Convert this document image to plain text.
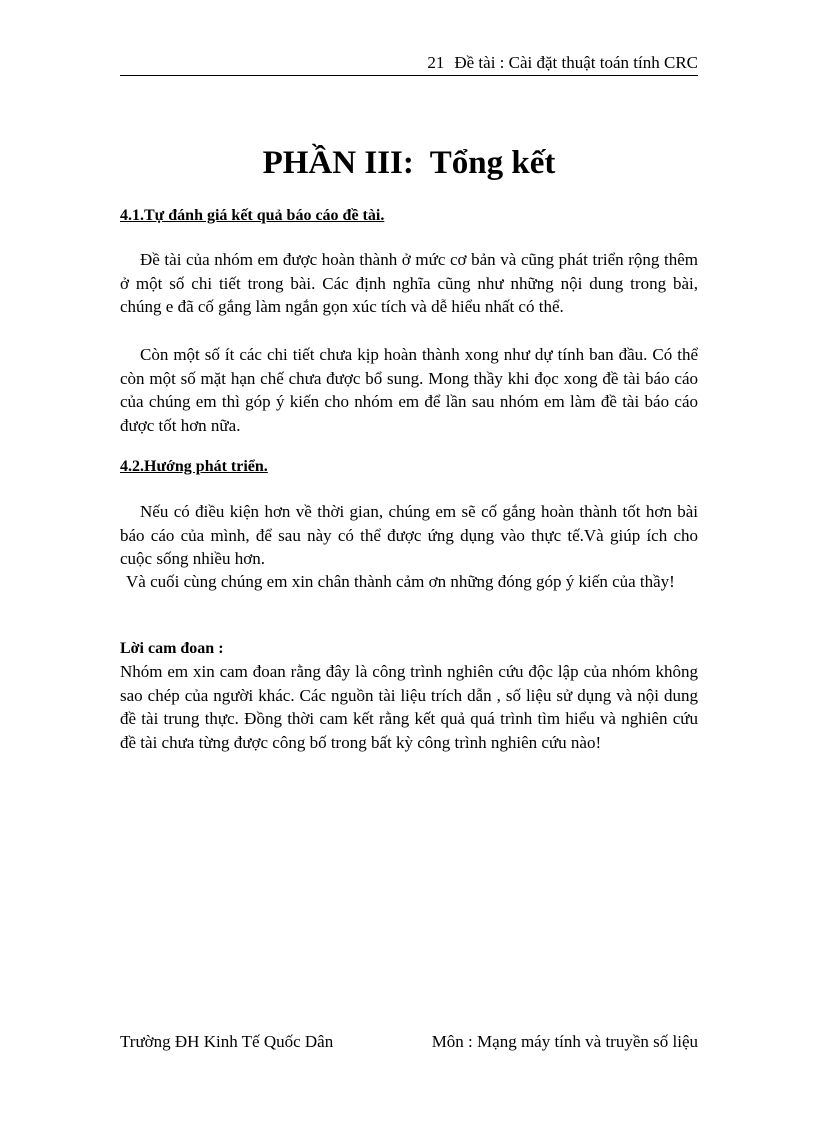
21 Đề tài : Cài đặt thuật toán tính CRC
PHẦN III:  Tổng kết
4.1.Tự đánh giá kết quả báo cáo đề tài.
Đề tài của nhóm em được hoàn thành ở mức cơ bản và cũng phát triển rộng thêm ở một số chi tiết trong bài. Các định nghĩa cũng như những nội dung trong bài, chúng e đã cố gắng làm ngắn gọn xúc tích và dễ hiểu nhất có thể.
Còn một số ít các chi tiết chưa kịp hoàn thành xong như dự tính ban đầu. Có thể còn một số mặt hạn chế chưa được bổ sung. Mong thầy khi đọc xong đề tài báo cáo của chúng em thì góp ý kiến cho nhóm em để lần sau nhóm em làm đề tài báo cáo được tốt hơn nữa.
4.2.Hướng phát triển.
Nếu có điều kiện hơn về thời gian, chúng em sẽ cố gắng hoàn thành tốt hơn bài báo cáo của mình, để sau này có thể được ứng dụng vào thực tế.Và giúp ích cho cuộc sống nhiều hơn.
Và cuối cùng chúng em xin chân thành cảm ơn những đóng góp ý kiến của thầy!
Lời cam đoan :
Nhóm em xin cam đoan rằng đây là công trình nghiên cứu độc lập của nhóm không sao chép của người khác. Các nguồn tài liệu trích dẫn , số liệu sử dụng và nội dung đề tài trung thực. Đồng thời cam kết rằng kết quả quá trình tìm hiểu và nghiên cứu đề tài chưa từng được công bố trong bất kỳ công trình nghiên cứu nào!
Trường ĐH Kinh Tế Quốc Dân	Môn : Mạng máy tính và truyền số liệu
